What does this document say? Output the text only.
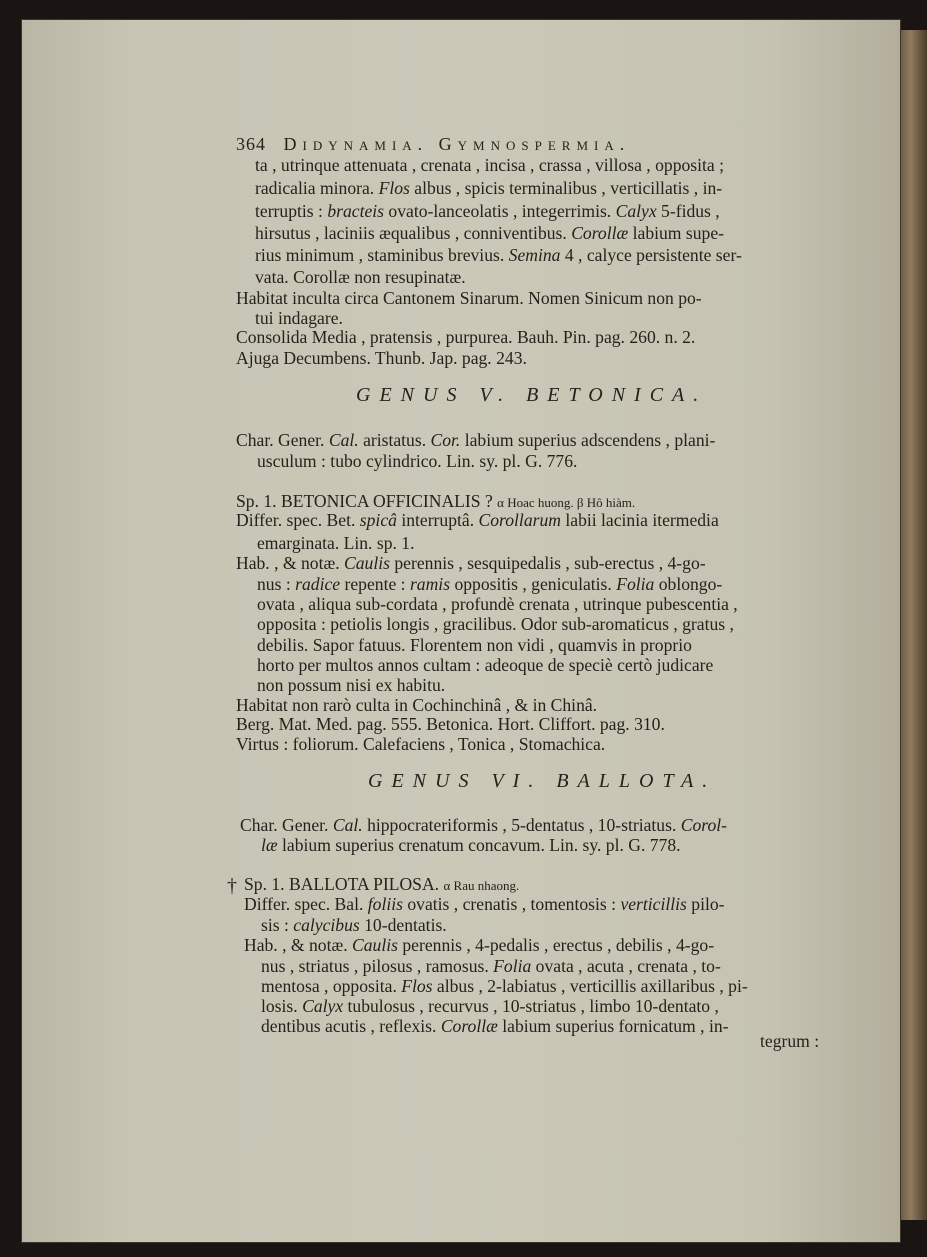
364 Didynamia. Gymnospermia.
ta , utrinque attenuata , crenata , incisa , crassa , villosa , opposita ;
radicalia minora. Flos albus , spicis terminalibus , verticillatis , in-
terruptis : bracteis ovato-lanceolatis , integerrimis. Calyx 5-fidus ,
hirsutus , laciniis æqualibus , conniventibus. Corollæ labium supe-
rius minimum , staminibus brevius. Semina 4 , calyce persistente ser-
vata. Corollæ non resupinatæ.
Habitat inculta circa Cantonem Sinarum. Nomen Sinicum non po-
tui indagare.
Consolida Media , pratensis , purpurea. Bauh. Pin. pag. 260. n. 2.
Ajuga Decumbens. Thunb. Jap. pag. 243.
GENUS V. BETONICA.
Char. Gener. Cal. aristatus. Cor. labium superius adscendens , plani-
usculum : tubo cylindrico. Lin. sy. pl. G. 776.
Sp. 1. BETONICA OFFICINALIS ? α Hoac huong. β Hô hiàm.
Differ. spec. Bet. spicâ interruptâ. Corollarum labii lacinia itermedia
emarginata. Lin. sp. 1.
Hab. , & notæ. Caulis perennis , sesquipedalis , sub-erectus , 4-go-
nus : radice repente : ramis oppositis , geniculatis. Folia oblongo-
ovata , aliqua sub-cordata , profundè crenata , utrinque pubescentia ,
opposita : petiolis longis , gracilibus. Odor sub-aromaticus , gratus ,
debilis. Sapor fatuus. Florentem non vidi , quamvis in proprio
horto per multos annos cultam : adeoque de speciè certò judicare
non possum nisi ex habitu.
Habitat non rarò culta in Cochinchinâ , & in Chinâ.
Berg. Mat. Med. pag. 555. Betonica. Hort. Cliffort. pag. 310.
Virtus : foliorum. Calefaciens , Tonica , Stomachica.
GENUS VI. BALLOTA.
Char. Gener. Cal. hippocrateriformis , 5-dentatus , 10-striatus. Corol-
læ labium superius crenatum concavum. Lin. sy. pl. G. 778.
† Sp. 1. BALLOTA PILOSA. α Rau nhaong.
Differ. spec. Bal. foliis ovatis , crenatis , tomentosis : verticillis pilo-
sis : calycibus 10-dentatis.
Hab. , & notæ. Caulis perennis , 4-pedalis , erectus , debilis , 4-go-
nus , striatus , pilosus , ramosus. Folia ovata , acuta , crenata , to-
mentosa , opposita. Flos albus , 2-labiatus , verticillis axillaribus , pi-
losis. Calyx tubulosus , recurvus , 10-striatus , limbo 10-dentato ,
dentibus acutis , reflexis. Corollæ labium superius fornicatum , in-
tegrum :
